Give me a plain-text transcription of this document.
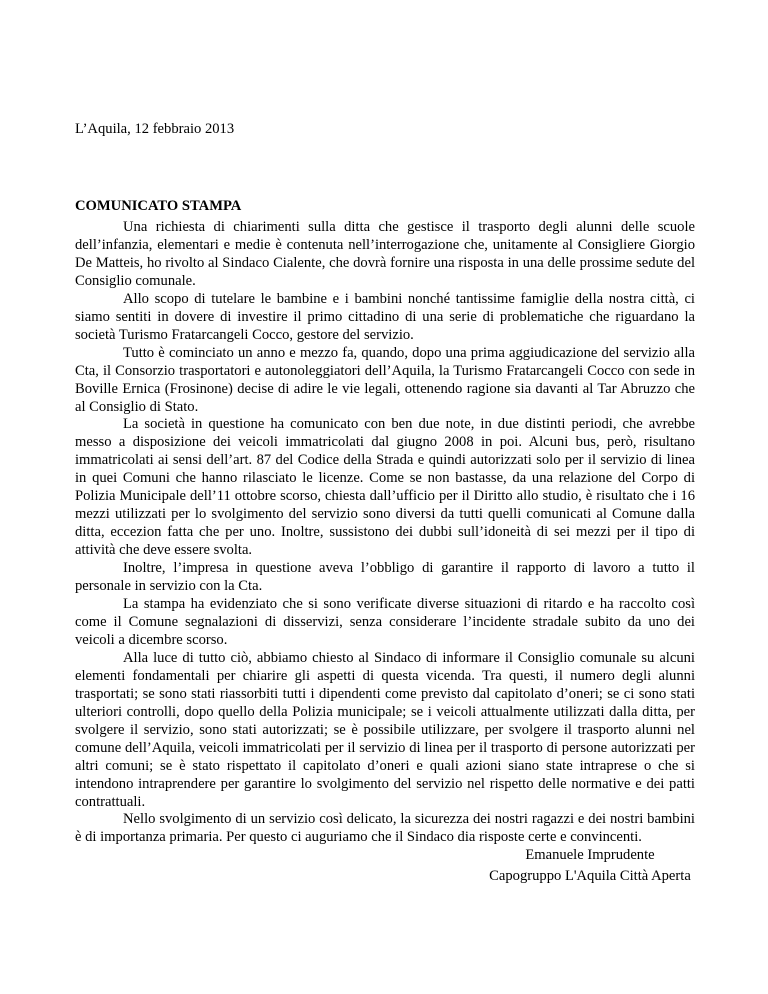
L’Aquila, 12 febbraio 2013
COMUNICATO STAMPA

Una richiesta di chiarimenti sulla ditta che gestisce il trasporto degli alunni delle scuole dell’infanzia, elementari e medie è contenuta nell’interrogazione che, unitamente al Consigliere Giorgio De Matteis, ho rivolto al Sindaco Cialente, che dovrà fornire una risposta in una delle prossime sedute del Consiglio comunale.

Allo scopo di tutelare le bambine e i bambini nonché tantissime famiglie della nostra città, ci siamo sentiti in dovere di investire il primo cittadino di una serie di problematiche che riguardano la società Turismo Fratarcangeli Cocco, gestore del servizio.

Tutto è cominciato un anno e mezzo fa, quando, dopo una prima aggiudicazione del servizio alla Cta, il Consorzio trasportatori e autonoleggiatori dell’Aquila, la Turismo Fratarcangeli Cocco con sede in Boville Ernica (Frosinone) decise di adire le vie legali, ottenendo ragione sia davanti al Tar Abruzzo che al Consiglio di Stato.

La società in questione ha comunicato con ben due note, in due distinti periodi, che avrebbe messo a disposizione dei veicoli immatricolati dal giugno 2008 in poi. Alcuni bus, però, risultano immatricolati ai sensi dell’art. 87 del Codice della Strada e quindi autorizzati solo per il servizio di linea in quei Comuni che hanno rilasciato le licenze. Come se non bastasse, da una relazione del Corpo di Polizia Municipale dell’11 ottobre scorso, chiesta dall’ufficio per il Diritto allo studio, è risultato che i 16 mezzi utilizzati per lo svolgimento del servizio sono diversi da tutti quelli comunicati al Comune dalla ditta, eccezion fatta che per uno. Inoltre, sussistono dei dubbi sull’idoneità di sei mezzi per il tipo di attività che deve essere svolta.

Inoltre, l’impresa in questione aveva l’obbligo di garantire il rapporto di lavoro a tutto il personale in servizio con la Cta.

La stampa ha evidenziato che si sono verificate diverse situazioni di ritardo e ha raccolto così come il Comune segnalazioni di disservizi, senza considerare l’incidente stradale subito da uno dei veicoli a dicembre scorso.

Alla luce di tutto ciò, abbiamo chiesto al Sindaco di informare il Consiglio comunale su alcuni elementi fondamentali per chiarire gli aspetti di questa vicenda. Tra questi, il numero degli alunni trasportati; se sono stati riassorbiti tutti i dipendenti come previsto dal capitolato d’oneri; se ci sono stati ulteriori controlli, dopo quello della Polizia municipale; se i veicoli attualmente utilizzati dalla ditta, per svolgere il servizio, sono stati autorizzati; se è possibile utilizzare, per svolgere il trasporto alunni nel comune dell’Aquila, veicoli immatricolati per il servizio di linea per il trasporto di persone autorizzati per altri comuni; se è stato rispettato il capitolato d’oneri e quali azioni siano state intraprese o che si intendono intraprendere per garantire lo svolgimento del servizio nel rispetto delle normative e dei patti contrattuali.

Nello svolgimento di un servizio così delicato, la sicurezza dei nostri ragazzi e dei nostri bambini è di importanza primaria. Per questo ci auguriamo che il Sindaco dia risposte certe e convincenti.

Emanuele Imprudente
Capogruppo L'Aquila Città Aperta
